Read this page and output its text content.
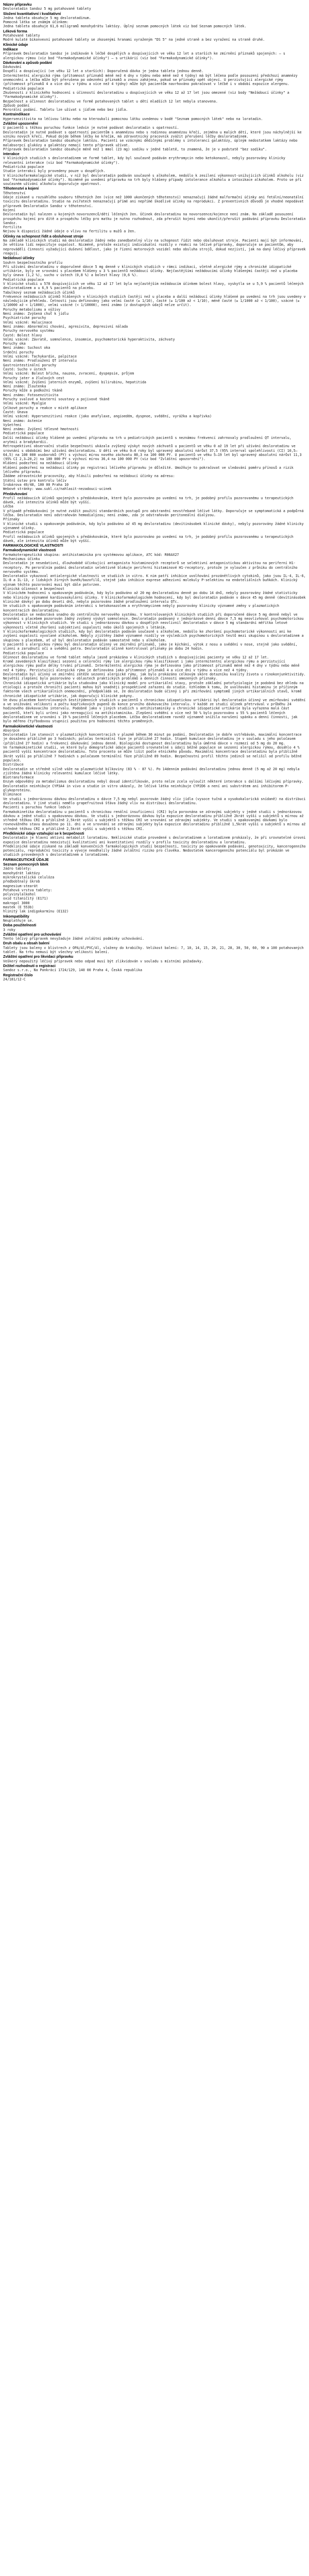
Název přípravku
Desloratadin Sandoz 5 mg potahované tablety
Složení kvantitativní i kvalitativní
Jedna tableta obsahuje 5 mg desloratadinum.
Pomocná látka se známým účinkem:
Jedna tableta obsahuje 61,6 miligramů monohydrátu laktózy. Úplný seznam pomocných látek viz bod Seznam pomocných látek.
Léková forma
Potahované tablety
Modré kulaté bikonvexní potahované tablety se zkosenými hranami vyraženým "DS 5" na jedné straně a bez vyražení na straně druhé.
Klinické údaje
Indikace
Přípravek Desloratadin Sandoz je indikován k léčbě dospělých a dospívajících ve věku 12 let a starších ke zmírnění příznaků spojených: – s alergickou rýmou (viz bod "Farmakodynamické účinky") – s urtikárií (viz bod "Farmakodynamické účinky").
Dávkování a způsob podání
Dávkování
Dospělí a dospívající (ve věku 12 let a starších): Doporučená dávka je jedna tableta jednou denně.
Intermitentní alergická rýma (přítomnost příznaků méně než 4 dny v týdnu nebo méně než 4 týdny) má být léčena podle posouzení předchozí anamnézy onemocnění a léčba může být přerušena po odeznění příznaků a znovu zahájena, pokud se příznaky opět objeví. U perzistující alergické rýmy (přítomnost příznaků 4 a více dní v týdnu a více než 4 týdny) může být pacientům navrhováno pokračovat v léčbě i v období expozice alergenu.
Pediatrická populace
Zkušenosti z klinického hodnocení s účinností desloratadinu u dospívajících ve věku 12 až 17 let jsou omezené (viz body "Nežádoucí účinky" a "Farmakodynamické účinky").
Bezpečnost a účinnost desloratadinu ve formě potahovaných tablet u dětí mladších 12 let nebyla stanovena.
Způsob podání
Perorální podání. Tabletu lze užívat s jídlem nebo bez jídla.
Kontraindikace
Hypersenzitivita na léčivou látku nebo na kteroukoli pomocnou látku uvedenou v bodě "Seznam pomocných látek" nebo na loratadin.
Zvláštní upozornění
U pacientů s těžkou poruchou funkce ledvin je nutné podávat desloratadin s opatrností.
Desloratadin je nutné podávat s opatrností pacientům s anamnézou nebo s rodinnou anamnézou křečí, zejména u malých dětí, které jsou náchylnější ke vzniku nových křečí. Pokud dojde během léčby ke křečím, má zdravotnický pracovník zvážit přerušení léčby desloratadinem.
Přípravek Desloratadin Sandoz obsahuje laktózu. Pacienti se vzácnými dědičnými problémy s intolerancí galaktózy, úplným nedostatkem laktázy nebo malabsorpcí glukózy a galaktózy nemají tento přípravek užívat.
Přípravek Desloratadin Sandoz obsahuje méně než 1 mmol (23 mg) sodíku v jedné tabletě, to znamená, že je v podstatě "bez sodíku".
Interakce
V klinických studiích s desloratadinem ve formě tablet, kdy byl současně podáván erythromycin nebo ketokonazol, nebyly pozorovány klinicky relevantní interakce (viz bod "Farmakodynamické účinky").
Pediatrická populace
Studie interakcí byly provedeny pouze u dospělých.
V klinickofarmakologické studii, v níž byl desloratadin podáván současně s alkoholem, nedošlo k zesílení výkonnost-snižujících účinků alkoholu (viz bod "Farmakodynamické účinky"). Nicméně po uvedení přípravku na trh byly hlášeny případy intolerance alkoholu a intoxikace alkoholem. Proto se při současném užívání alkoholu doporučuje opatrnost.
Těhotenství a kojení
Těhotenství
Údaje získané u rozsáhlého souboru těhotných žen (více než 1000 ukončených těhotenství) nenaznačují žádné malformační účinky ani fetální/neonatální toxicitu desloratadinu. Studie na zvířatech nenaznačují přímé ani nepřímé škodlivé účinky na reprodukci. Z preventivních důvodů je vhodné nepodávat přípravek Desloratadin Sandoz v těhotenství.
Kojení
Desloratadin byl nalezen u kojených novorozenců/dětí léčených žen. Účinek desloratadinu na novorozence/kojence není znám. Na základě posouzení prospěchu kojení pro dítě a prospěchu léčby pro matku je nutno rozhodnout, zda přerušit kojení nebo ukončit/přerušit podávání přípravku Desloratadin Sandoz.
Fertilita
Nejsou k dispozici žádné údaje o vlivu na fertilitu u mužů a žen.
Účinky na schopnost řídit a obsluhovat stroje
Na základě klinických studií má desloratadin žádný nebo zanedbatelný vliv na schopnost řídit nebo obsluhovat stroje. Pacienti mají být informováni, že většina lidí nepociťuje ospalost. Nicméně, protože existují individuální rozdíly v reakci na léčivé přípravky, doporučuje se pacientům, aby neprováděli činnosti vyžadující duševní bdělost, jako je řízení motorových vozidel nebo obsluha strojů, dokud nezjistí, jak na daný léčivý přípravek reagují.
Nežádoucí účinky
Souhrn bezpečnostního profilu
Při užívání desloratadinu v doporučené dávce 5 mg denně v klinických studiích v rámci indikací, včetně alergické rýmy a chronické idiopatické urtikárie, byly ve srovnání s placebem hlášeny u 3 % pacientů nežádoucí účinky. Nejčastějšími nežádoucími účinky hlášenými častěji než u placeba byly únava (1,2 %), sucho v ústech (0,8 %) a bolest hlavy (0,6 %).
Pediatrická populace
V klinické studii u 578 dospívajících ve věku 12 až 17 let byla nejčastějším nežádoucím účinkem bolest hlavy, vyskytla se u 5,9 % pacientů léčených desloratadinem a u 6,9 % pacientů na placebu.
Tabulkový seznam nežádoucích účinků
Frekvence nežádoucích účinků hlášených v klinických studiích častěji než u placeba a další nežádoucí účinky hlášené po uvedení na trh jsou uvedeny v následujícím přehledu. Četnosti jsou definovány jako velmi časté (≥ 1/10), časté (≥ 1/100 až < 1/10), méně časté (≥ 1/1000 až < 1/100), vzácné (≥ 1/10000 až < 1/1000), velmi vzácné (< 1/10000), není známo (z dostupných údajů nelze určit).
Poruchy metabolismu a výživy
Není známo: Zvýšená chuť k jídlu
Psychiatrické poruchy
Velmi vzácné: Halucinace
Není známo: Abnormální chování, agresivita, depresivní nálada
Poruchy nervového systému
Časté: Bolest hlavy
Velmi vzácné: Závratě, somnolence, insomnie, psychomotorická hyperaktivita, záchvaty
Poruchy oka
Není známo: Suchost oka
Srdeční poruchy
Velmi vzácné: Tachykardie, palpitace
Není známo: Prodloužení QT intervalu
Gastrointestinální poruchy
Časté: Sucho v ústech
Velmi vzácné: Bolest břicha, nauzea, zvracení, dyspepsie, průjem
Poruchy jater a žlučových cest
Velmi vzácné: Zvýšení jaterních enzymů, zvýšení bilirubinu, hepatitida
Není známo: Žloutenka
Poruchy kůže a podkožní tkáně
Není známo: Fotosenzitivita
Poruchy svalové a kosterní soustavy a pojivové tkáně
Velmi vzácné: Myalgie
Celkové poruchy a reakce v místě aplikace
Časté: Únava
Velmi vzácné: Hypersenzitivní reakce (jako anafylaxe, angioedém, dyspnoe, svědění, vyrážka a kopřivka)
Není známo: Astenie
Vyšetření
Není známo: Zvýšení tělesné hmotnosti
Pediatrická populace
Další nežádoucí účinky hlášené po uvedení přípravku na trh u pediatrických pacientů s neznámou frekvencí zahrnovaly prodloužení QT intervalu, arytmii a bradykardii.
Retrospektivní observační studie bezpečnosti ukázala zvýšený výskyt nových záchvatů u pacientů ve věku 0 až 19 let při užívání desloratadinu ve srovnání s obdobími bez užívání desloratadinu. U dětí ve věku 0–4 roky byl upravený absolutní nárůst 37,5 (95% interval spolehlivosti (CI) 10,5–64,5) na 100 000 osoboroků (PY) s výchozí mírou nového záchvatu 80,3 na 100 000 PY. U pacientů ve věku 5–19 let byl upravený absolutní nárůst 11,3 (95% CI 2,3–20,2) na 100 000 PY s výchozí mírou 36,4 na 100 000 PY (viz bod "Zvláštní upozornění").
Hlášení podezření na nežádoucí účinky
Hlášení podezření na nežádoucí účinky po registraci léčivého přípravku je důležité. Umožňuje to pokračovat ve sledování poměru přínosů a rizik léčivého přípravku.
Žádáme zdravotnické pracovníky, aby hlásili podezření na nežádoucí účinky na adresu:
Státní ústav pro kontrolu léčiv
Šrobárova 49/48, 100 00 Praha 10
Webové stránky: www.sukl.cz/nahlasit-nezadouci-ucinek
Předávkování
Profil nežádoucích účinků spojených s předávkováním, které bylo pozorováno po uvedení na trh, je podobný profilu pozorovanému u terapeutických dávek, ale intenzita účinků může být vyšší.
Léčba
V případě předávkování je nutné zvážit použití standardních postupů pro odstranění nevstřebané léčivé látky. Doporučuje se symptomatická a podpůrná léčba. Desloratadin není odstraňován hemodialýzou; není známo, zda je odstraňován peritoneální dialýzou.
Příznaky
V klinické studii s opakovaným podáváním, kdy bylo podáváno až 45 mg desloratadinu (devítinásobek klinické dávky), nebyly pozorovány žádné klinicky významné účinky.
Pediatrická populace
Profil nežádoucích účinků spojených s předávkováním, které bylo pozorováno po uvedení na trh, je podobný profilu pozorovanému u terapeutických dávek, ale intenzita účinků může být vyšší.
FARMAKOLOGICKÉ VLASTNOSTI
Farmakodynamické vlastnosti
Farmakoterapeutická skupina: antihistaminika pro systémovou aplikace, ATC kód: R06AX27
Mechanismus účinku
Desloratadin je nesedativní, dlouhodobě účinkující antagonista histaminových receptorů se selektivní antagonistickou aktivitou na periferní H1-receptory. Po perorálním podání desloratadin selektivně blokuje periferní histaminové H1-receptory, protože je vyloučen z průniku do centrálního nervového systému.
Desloratadin vykazoval antialergické vlastnosti ve studiích in vitro. K nim patří inhibice uvolňování prozánětlivých cytokinů, jako jsou IL-4, IL-6, IL-8 a IL-13, z lidských žírných buněk/bazofilů, stejně jako inhibice exprese adhezivní molekuly P-selektinu na endoteliálních buňkách. Klinický význam těchto pozorování musí být dále potvrzen.
Klinická účinnost a bezpečnost
V klinickém hodnocení s opakovaným podáváním, kdy bylo podáváno až 20 mg desloratadinu denně po dobu 14 dnů, nebyly pozorovány žádné statisticky nebo klinicky významné kardiovaskulární účinky. V klinickofarmakologickém hodnocení, kdy byl desloratadin podáván v dávce 45 mg denně (devítinásobek klinické dávky) po dobu deseti dnů, nebylo pozorováno žádné prodloužení intervalu QTc.
Ve studiích s opakovaným podáváním interakcí s ketokonazolem a erythromycinem nebyly pozorovány klinicky významné změny v plazmatických koncentracích desloratadinu.
Desloratadin se nedostává snadno do centrálního nervového systému. V kontrolovaných klinických studiích při doporučené dávce 5 mg denně nebyl ve srovnání s placebem pozorován žádný zvýšený výskyt somnolence. Desloratadin podávaný v jednorázové denní dávce 7,5 mg neovlivňoval psychomotorickou výkonnost v klinických studiích. Ve studii s jednorázovou dávkou u dospělých neovlivnil desloratadin v dávce 5 mg standardní měřítka letové výkonnosti včetně zhoršení subjektivní ospalosti nebo úkolů spojených s létáním.
V klinickofarmakologických studiích, kdy byl desloratadin podáván současně s alkoholem, nedošlo ke zhoršení psychomotorické výkonnosti ani ke zvýšení ospalosti vyvolané alkoholem. Nebyly zjištěny žádné významné rozdíly ve výsledcích psychomotorických testů mezi skupinou s desloratadinem a skupinou s placebem, ať už byl desloratadin podáván samostatně nebo s alkoholem.
U pacientů s alergickou rýmou byl desloratadin účinný ve zmírnění příznaků, jako je kýchání, výtok z nosu a svědění v nose, stejně jako svědění, slzení a zarudnutí očí a svědění patra. Desloratadin účinně kontroloval příznaky po dobu 24 hodin.
Pediatrická populace
Účinnost desloratadinu ve formě tablet nebyla jasně prokázána v klinických studiích s dospívajícími pacienty ve věku 12 až 17 let.
Kromě zavedených klasifikací sezonní a celoroční rýmy lze alergickou rýmu klasifikovat i jako intermitentní alergickou rýmu a perzistující alergickou rýmu podle délky trvání příznaků. Intermitentní alergická rýma je definována jako přítomnost příznaků méně než 4 dny v týdnu nebo méně než 4 týdny. Perzistující alergická rýma je definována jako přítomnost příznaků 4 a více dní v týdnu a více než 4 týdny.
Desloratadin byl účinný ve zmírnění zátěže sezonní alergické rýmy, jak bylo prokázáno celkovým skóre dotazníku kvality života u rinokonjunktivitidy. Největší zlepšení bylo pozorováno v oblastech praktických problémů a denních činností omezených příznaky.
Chronická idiopatická urtikárie byla studována jako klinický model pro urtikariální stavy, protože základní patofyziologie je podobná bez ohledu na etiologii a protože chroničtí pacienti mohou být snadněji prospektivně zařazeni do studie. Vzhledem k tomu, že uvolňování histaminu je příčinným faktorem všech urtikariálních onemocnění, předpokládá se, že desloratadin bude účinný i při zmírňování symptomů jiných urtikariálních stavů, kromě chronické idiopatické urtikárie, jak doporučují klinické pokyny.
Ve dvou placebem kontrolovaných šestitýdenních studiích u pacientů s chronickou idiopatickou urtikárií byl desloratadin účinný ve zmírňování svědění a ve snižování velikosti a počtu kopřivkových pupenů do konce prvního dávkovacího intervalu. V každé ze studií účinek přetrvával v průběhu 24 hodinového dávkovacího intervalu. Podobně jako v jiných studiích s antihistaminiky u chronické idiopatické urtikárie byla vyřazena malá část pacientů, kteří byli určeni jako nereagující na antihistaminika. Zlepšení svědění o více než 50 % bylo pozorováno u 55 % pacientů léčených desloratadinem ve srovnání s 19 % pacientů léčených placebem. Léčba desloratadinem rovněž významně snížila narušení spánku a denní činnosti, jak bylo měřeno čtyřbodovou stupnicí použitou pro hodnocení těchto proměnných.
Farmakokinetické vlastnosti
Absorpce
Desloratadin lze stanovit v plazmatických koncentracích v plazmě během 30 minut po podání. Desloratadin je dobře vstřebáván, maximální koncentrace je dosaženo přibližně po 3 hodinách; poločas terminální fáze je přibližně 27 hodin. Stupeň kumulace desloratadinu je v souladu s jeho poločasem (přibližně 27 hodin) a frekvencí dávkování jednou denně. Biologická dostupnost desloratadinu byla úměrná dávce v rozmezí od 5 mg do 20 mg.
Ve farmakokinetické studii, ve které byly demografické údaje pacientů srovnatelné s údaji běžné populace se sezonní alergickou rýmou, dosáhlo 4 % pacientů vyšší koncentrace desloratadinu. Toto procento se může lišit podle etnického původu. Maximální koncentrace desloratadinu byla přibližně 3krát vyšší po přibližně 7 hodinách s poločasem terminální fáze přibližně 89 hodin. Bezpečnostní profil těchto jedinců se nelišil od profilu běžné populace.
Distribuce
Desloratadin se středně silně váže na plazmatické bílkoviny (83 % - 87 %). Po 14denním podávání desloratadinu jednou denně (5 mg až 20 mg) nebyla zjištěna žádná klinicky relevantní kumulace léčivé látky.
Biotransformace
Enzym odpovědný za metabolismus desloratadinu nebyl dosud identifikován, proto nelze zcela vyloučit některé interakce s dalšími léčivými přípravky. Desloratadin neinhibuje CYP3A4 in vivo a studie in vitro ukázaly, že léčivá látka neinhibuje CYP2D6 a není ani substrátem ani inhibitorem P-glykoproteinu.
Eliminace
Ve studii s jednorázovou dávkou desloratadinu o dávce 7,5 mg nebyl pozorován žádný vliv jídla (vysoce tučná a vysokokalorická snídaně) na distribuci desloratadinu. V jiné studii nemělo grapefruitová šťáva žádný vliv na distribuci desloratadinu.
Pacienti s poruchou funkce ledvin
Farmakokinetika desloratadinu u pacientů s chronickou renální insuficiencí (CRI) byla porovnána se zdravými subjekty v jedné studii s jednorázovou dávkou a jedné studii s opakovanou dávkou. Ve studii s jednorázovou dávkou byla expozice desloratadinu přibližně 2krát vyšší u subjektů s mírnou až středně těžkou CRI a přibližně 2,5krát vyšší u subjektů s těžkou CRI ve srovnání se zdravými subjekty. Ve studii s opakovanými dávkami bylo rovnovážného stavu dosaženo po 11. dni a ve srovnání se zdravými subjekty byla expozice desloratadinu přibližně 1,5krát vyšší u subjektů s mírnou až středně těžkou CRI a přibližně 2,5krát vyšší u subjektů s těžkou CRI.
Předklinické údaje vztahující se k bezpečnosti
Desloratadin je hlavní aktivní metabolit loratadinu. Neklinické studie provedené s desloratadinem a loratadinem prokázaly, že při srovnatelné úrovni expozice desloratadinu neexistují kvalitativní ani kvantitativní rozdíly v profilu toxicity desloratadinu a loratadinu.
Předklinické údaje získané na základě konvenčních farmakologických studií bezpečnosti, toxicity po opakovaném podávání, genotoxicity, kancerogenního potenciálu, reprodukční toxicity a vývoje neodhalily žádné zvláštní riziko pro člověka. Nedostatek kancerogenního potenciálu byl prokázán ve studiích provedených s desloratadinem a loratadinem.
FARMACEUTICKÉ ÚDAJE
Seznam pomocných látek
Jádro tablety:
monohydrát laktózy
mikrokrystalická celulóza
předbobtnalý škrob
magnesium-stearát
Potahová vrstva tablety:
polyvinylalkohol
oxid titaničitý (E171)
makrogol 3000
mastek (E 553b)
hlinitý lak indigokarmínu (E132)
Inkompatibility
Neuplatňuje se.
Doba použitelnosti
3 roky
Zvláštní opatření pro uchovávání
Tento léčivý přípravek nevyžaduje žádné zvláštní podmínky uchovávání.
Druh obalu a obsah balení
Tablety jsou baleny v blistrech z OPA/Al/PVC/Al, vloženy do krabičky. Velikost balení: 7, 10, 14, 15, 20, 21, 28, 30, 50, 60, 90 a 100 potahovaných tablet. Na trhu nemusí být všechny velikosti balení.
Zvláštní opatření pro likvidaci přípravku
Veškerý nepoužitý léčivý přípravek nebo odpad musí být zlikvidován v souladu s místními požadavky.
Držitel rozhodnutí o registraci
Sandoz s.r.o., Na Pankráci 1724/129, 140 00 Praha 4, Česká republika
Registrační číslo
24/181/12-C
